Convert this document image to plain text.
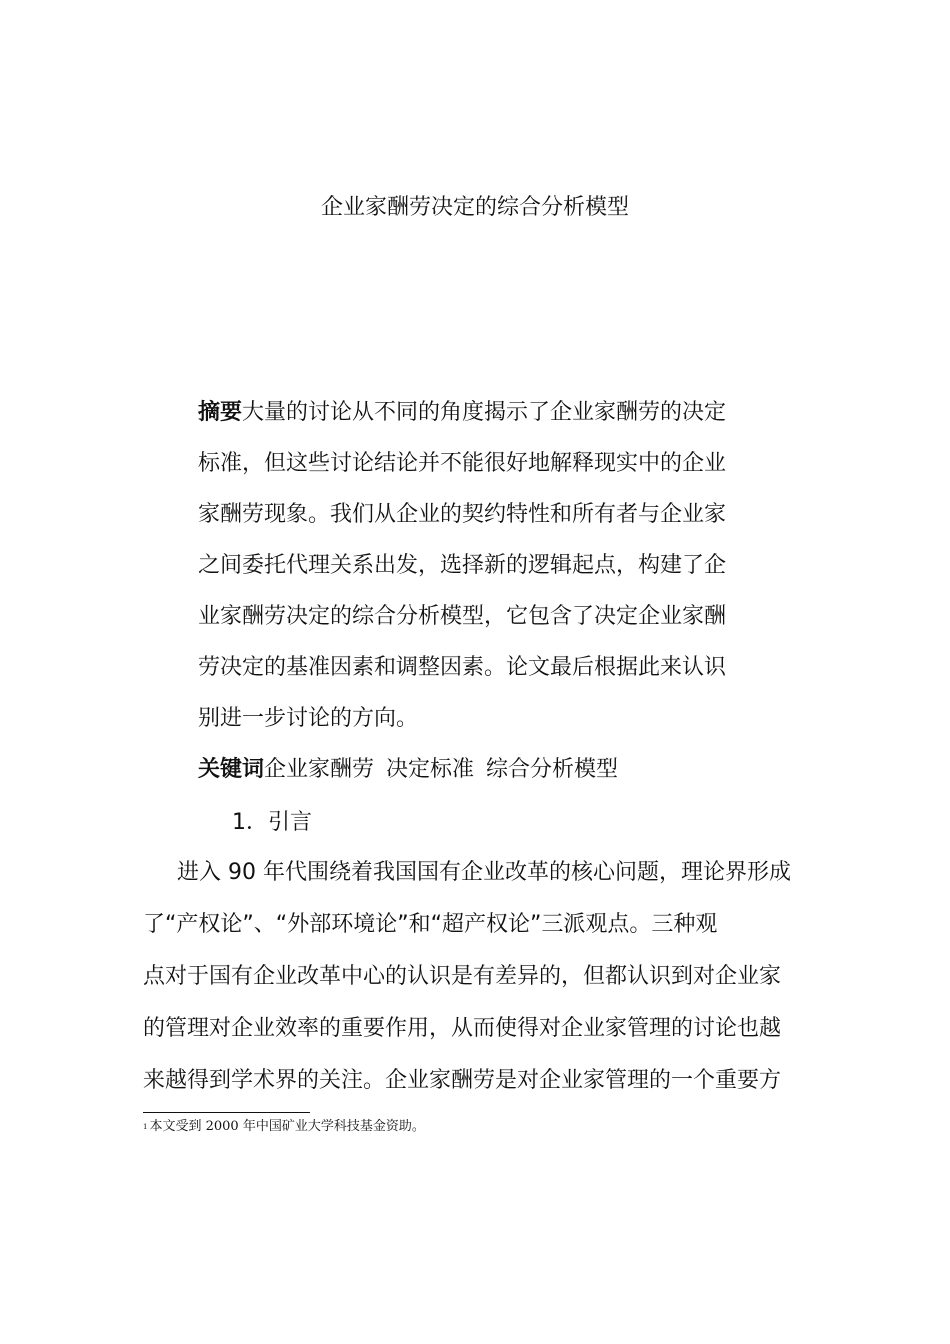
企业家酬劳决定的综合分析模型
摘要大量的讨论从不同的角度揭示了企业家酬劳的决定
标准，但这些讨论结论并不能很好地解释现实中的企业
家酬劳现象。我们从企业的契约特性和所有者与企业家
之间委托代理关系出发，选择新的逻辑起点，构建了企
业家酬劳决定的综合分析模型，它包含了决定企业家酬
劳决定的基准因素和调整因素。论文最后根据此来认识
别进一步讨论的方向。
关键词企业家酬劳 决定标准 综合分析模型
1．引言
进入 90 年代围绕着我国国有企业改革的核心问题，理论界形成
了“产权论”、“外部环境论”和“超产权论”三派观点。三种观
点对于国有企业改革中心的认识是有差异的，但都认识到对企业家
的管理对企业效率的重要作用，从而使得对企业家管理的讨论也越
来越得到学术界的关注。企业家酬劳是对企业家管理的一个重要方
$^1$ 本文受到 2000 年中国矿业大学科技基金资助。
